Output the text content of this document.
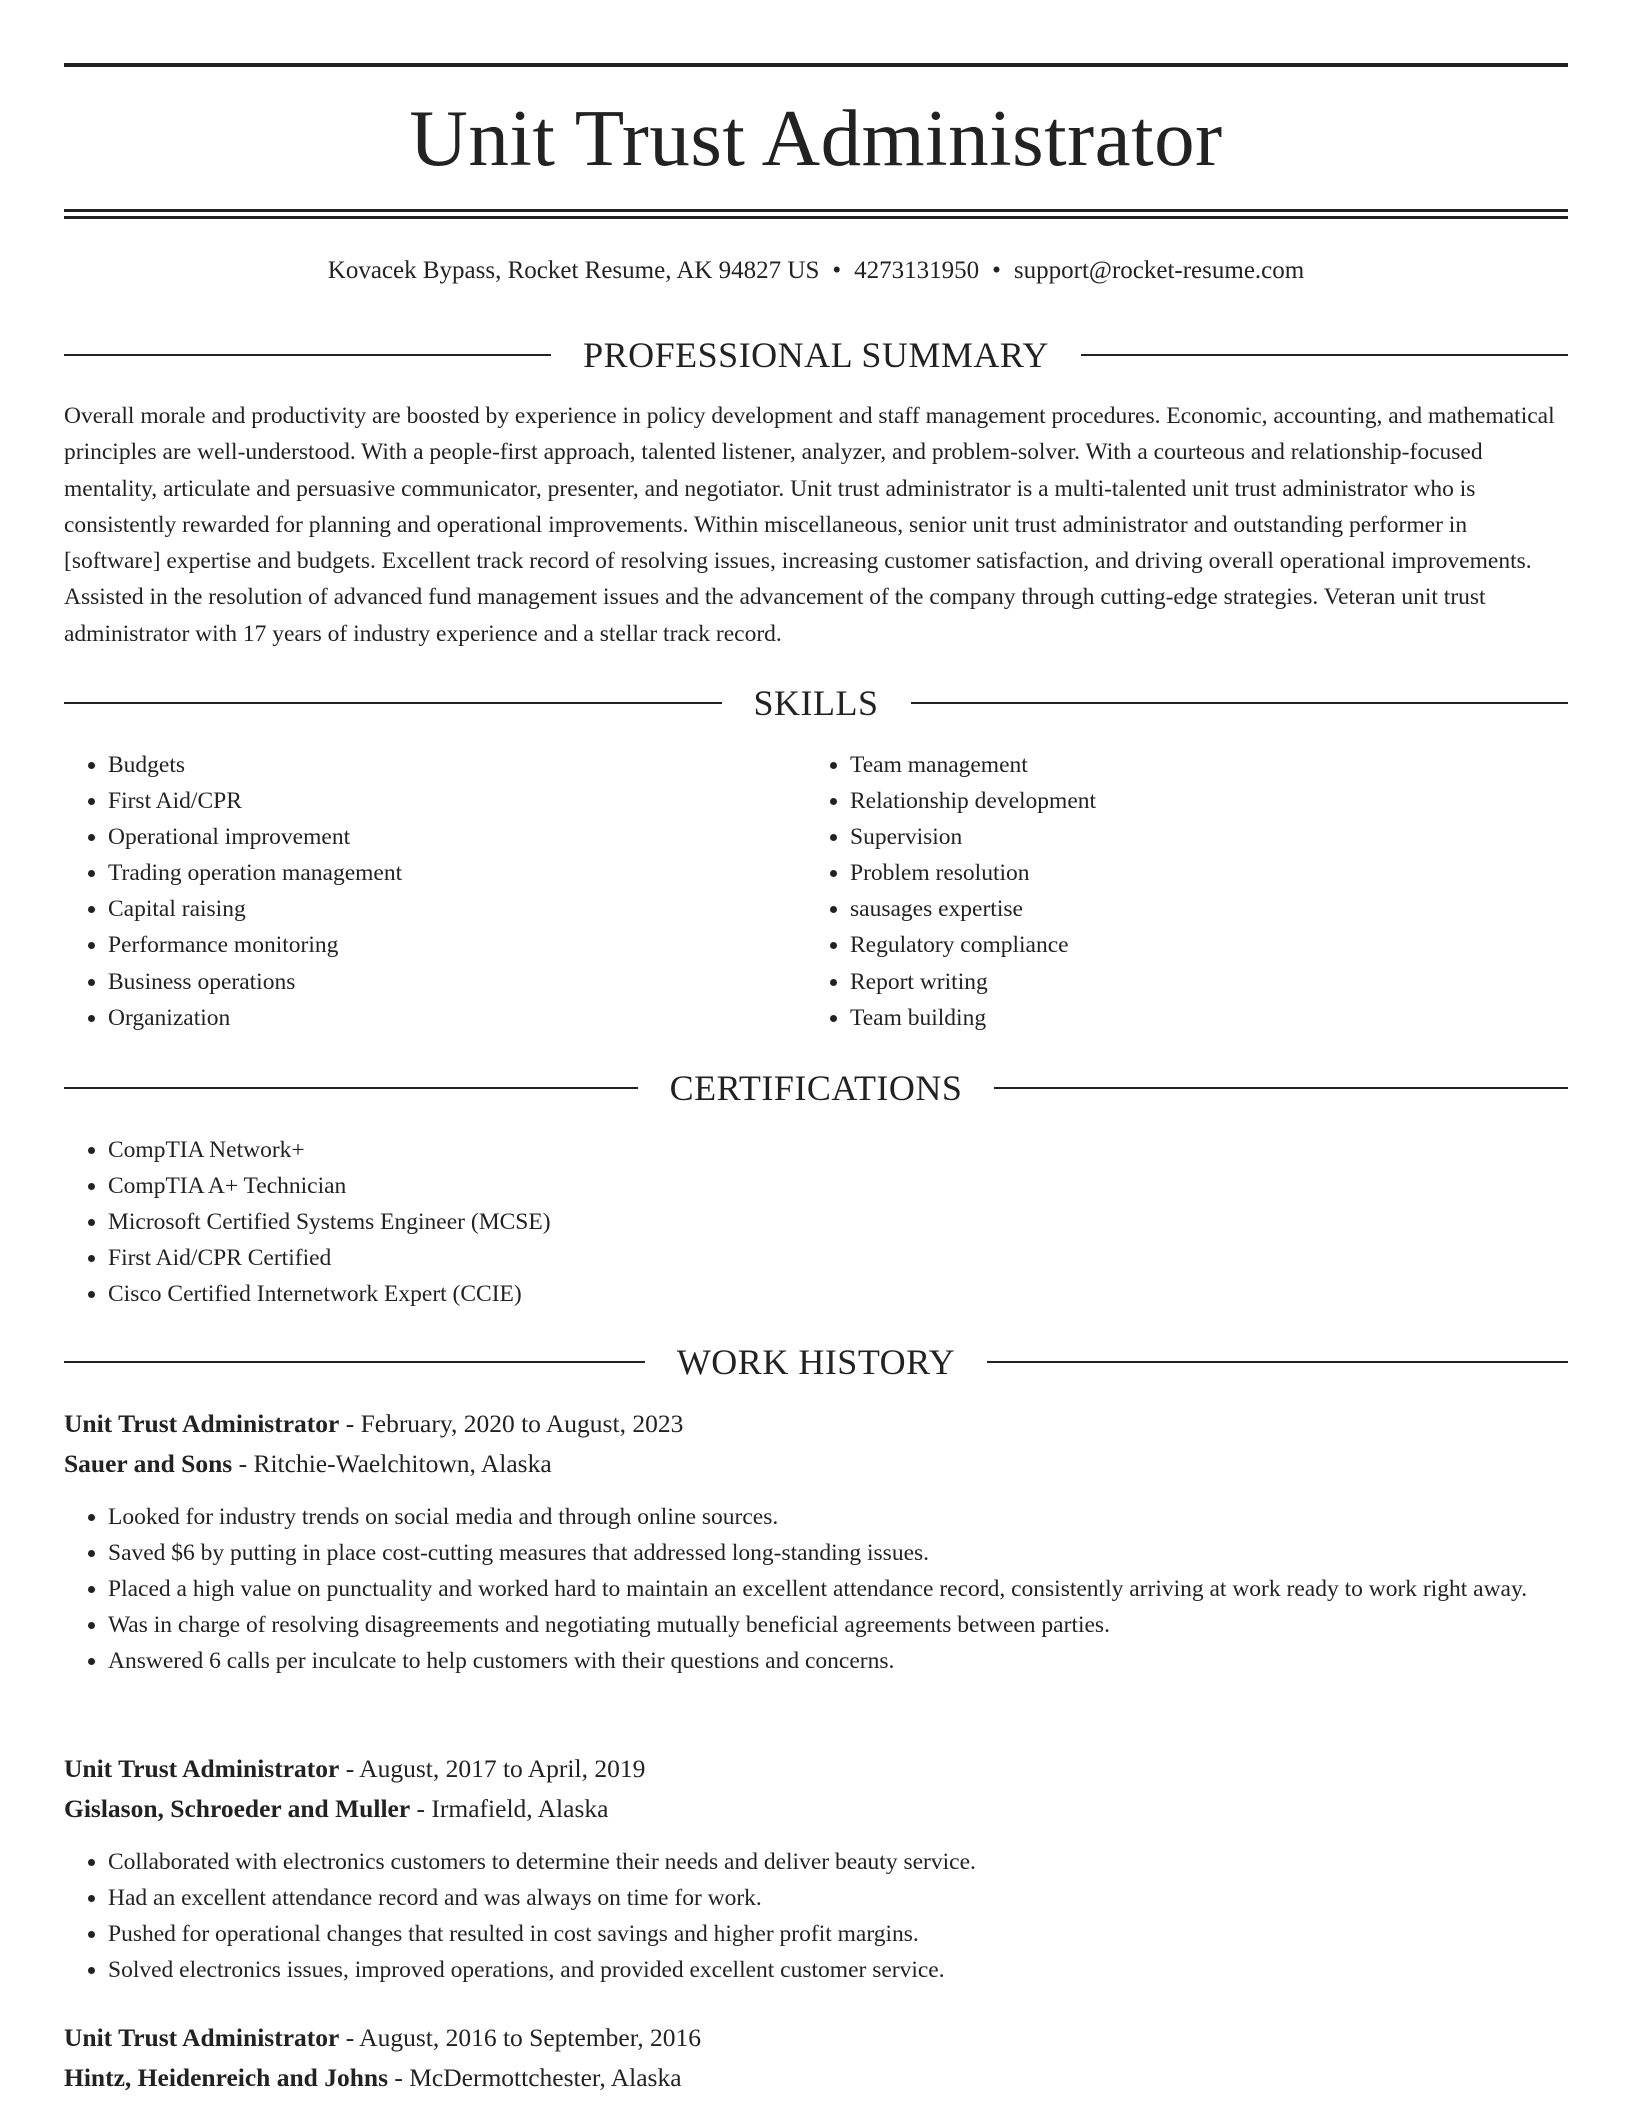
Unit Trust Administrator
Kovacek Bypass, Rocket Resume, AK 94827 US • 4273131950 • support@rocket-resume.com
PROFESSIONAL SUMMARY

Overall morale and productivity are boosted by experience in policy development and staff management procedures. Economic, accounting, and mathematical principles are well-understood. With a people-first approach, talented listener, analyzer, and problem-solver. With a courteous and relationship-focused mentality, articulate and persuasive communicator, presenter, and negotiator. Unit trust administrator is a multi-talented unit trust administrator who is consistently rewarded for planning and operational improvements. Within miscellaneous, senior unit trust administrator and outstanding performer in [software] expertise and budgets. Excellent track record of resolving issues, increasing customer satisfaction, and driving overall operational improvements. Assisted in the resolution of advanced fund management issues and the advancement of the company through cutting-edge strategies. Veteran unit trust administrator with 17 years of industry experience and a stellar track record.

SKILLS
• Budgets
• First Aid/CPR
• Operational improvement
• Trading operation management
• Capital raising
• Performance monitoring
• Business operations
• Organization
• Team management
• Relationship development
• Supervision
• Problem resolution
• sausages expertise
• Regulatory compliance
• Report writing
• Team building
CERTIFICATIONS
• CompTIA Network+
• CompTIA A+ Technician
• Microsoft Certified Systems Engineer (MCSE)
• First Aid/CPR Certified
• Cisco Certified Internetwork Expert (CCIE)
WORK HISTORY
Unit Trust Administrator - February, 2020 to August, 2023
Sauer and Sons - Ritchie-Waelchitown, Alaska
• Looked for industry trends on social media and through online sources.
• Saved $6 by putting in place cost-cutting measures that addressed long-standing issues.
• Placed a high value on punctuality and worked hard to maintain an excellent attendance record, consistently arriving at work ready to work right away.
• Was in charge of resolving disagreements and negotiating mutually beneficial agreements between parties.
• Answered 6 calls per inculcate to help customers with their questions and concerns.
Unit Trust Administrator - August, 2017 to April, 2019
Gislason, Schroeder and Muller - Irmafield, Alaska
• Collaborated with electronics customers to determine their needs and deliver beauty service.
• Had an excellent attendance record and was always on time for work.
• Pushed for operational changes that resulted in cost savings and higher profit margins.
• Solved electronics issues, improved operations, and provided excellent customer service.
Unit Trust Administrator - August, 2016 to September, 2016
Hintz, Heidenreich and Johns - McDermottchester, Alaska
